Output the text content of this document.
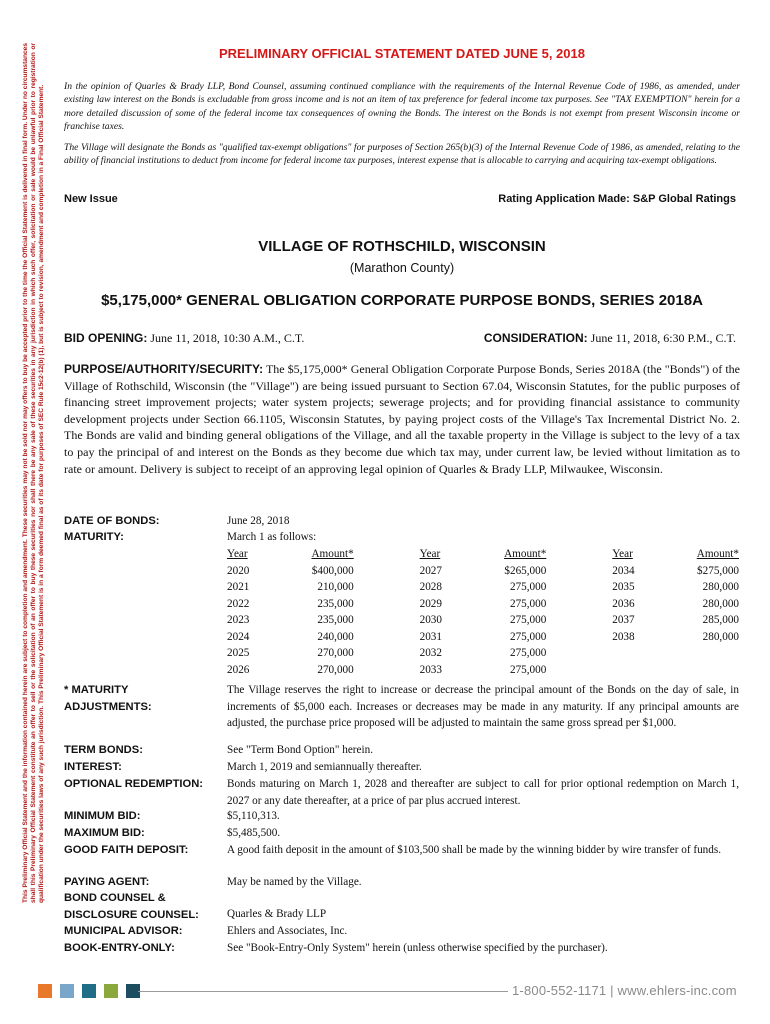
This Preliminary Official Statement and the information contained herein are subject to completion and amendment. These securities may not be sold nor may offers to buy be accepted prior to the time the Official Statement is delivered in final form. Under no circumstances shall this Preliminary Official Statement constitute an offer to sell or the solicitation of an offer to buy these securities nor shall there be any sale of these securities in any jurisdiction in which such offer, solicitation or sale would be unlawful prior to registration or qualification under the securities laws of any such jurisdiction. This Preliminary Official Statement is in a form deemed final as of its date for purposes of SEC Rule 15c2-12(b) (1), but is subject to revision, amendment and completion in a Final Official Statement.
PRELIMINARY OFFICIAL STATEMENT DATED JUNE 5, 2018
In the opinion of Quarles & Brady LLP, Bond Counsel, assuming continued compliance with the requirements of the Internal Revenue Code of 1986, as amended, under existing law interest on the Bonds is excludable from gross income and is not an item of tax preference for federal income tax purposes. See "TAX EXEMPTION" herein for a more detailed discussion of some of the federal income tax consequences of owning the Bonds. The interest on the Bonds is not exempt from present Wisconsin income or franchise taxes.
The Village will designate the Bonds as "qualified tax-exempt obligations" for purposes of Section 265(b)(3) of the Internal Revenue Code of 1986, as amended, relating to the ability of financial institutions to deduct from income for federal income tax purposes, interest expense that is allocable to carrying and acquiring tax-exempt obligations.
New Issue	Rating Application Made: S&P Global Ratings
VILLAGE OF ROTHSCHILD, WISCONSIN
(Marathon County)
$5,175,000* GENERAL OBLIGATION CORPORATE PURPOSE BONDS, SERIES 2018A
BID OPENING: June 11, 2018, 10:30 A.M., C.T.	CONSIDERATION: June 11, 2018, 6:30 P.M., C.T.
PURPOSE/AUTHORITY/SECURITY: The $5,175,000* General Obligation Corporate Purpose Bonds, Series 2018A (the "Bonds") of the Village of Rothschild, Wisconsin (the "Village") are being issued pursuant to Section 67.04, Wisconsin Statutes, for the public purposes of financing street improvement projects; water system projects; sewerage projects; and for providing financial assistance to community development projects under Section 66.1105, Wisconsin Statutes, by paying project costs of the Village's Tax Incremental District No. 2. The Bonds are valid and binding general obligations of the Village, and all the taxable property in the Village is subject to the levy of a tax to pay the principal of and interest on the Bonds as they become due which tax may, under current law, be levied without limitation as to rate or amount. Delivery is subject to receipt of an approving legal opinion of Quarles & Brady LLP, Milwaukee, Wisconsin.
DATE OF BONDS:	June 28, 2018
MATURITY:	March 1 as follows:
Year	Amount*		Year	Amount*		Year	Amount*
2020	$400,000		2027	$265,000		2034	$275,000
2021	210,000		2028	275,000		2035	280,000
2022	235,000		2029	275,000		2036	280,000
2023	235,000		2030	275,000		2037	285,000
2024	240,000		2031	275,000		2038	280,000
2025	270,000		2032	275,000			
2026	270,000		2033	275,000			
* MATURITY
ADJUSTMENTS:
The Village reserves the right to increase or decrease the principal amount of the Bonds on the day of sale, in increments of $5,000 each. Increases or decreases may be made in any maturity. If any principal amounts are adjusted, the purchase price proposed will be adjusted to maintain the same gross spread per $1,000.
TERM BONDS:	See "Term Bond Option" herein.
INTEREST:	March 1, 2019 and semiannually thereafter.
OPTIONAL REDEMPTION: Bonds maturing on March 1, 2028 and thereafter are subject to call for prior optional redemption on March 1, 2027 or any date thereafter, at a price of par plus accrued interest.
MINIMUM BID:	$5,110,313.
MAXIMUM BID:	$5,485,500.
GOOD FAITH DEPOSIT:	A good faith deposit in the amount of $103,500 shall be made by the winning bidder by wire transfer of funds.
PAYING AGENT:	May be named by the Village.
BOND COUNSEL &
DISCLOSURE COUNSEL:	Quarles & Brady LLP
MUNICIPAL ADVISOR:	Ehlers and Associates, Inc.
BOOK-ENTRY-ONLY:	See "Book-Entry-Only System" herein (unless otherwise specified by the purchaser).
1-800-552-1171 | www.ehlers-inc.com
